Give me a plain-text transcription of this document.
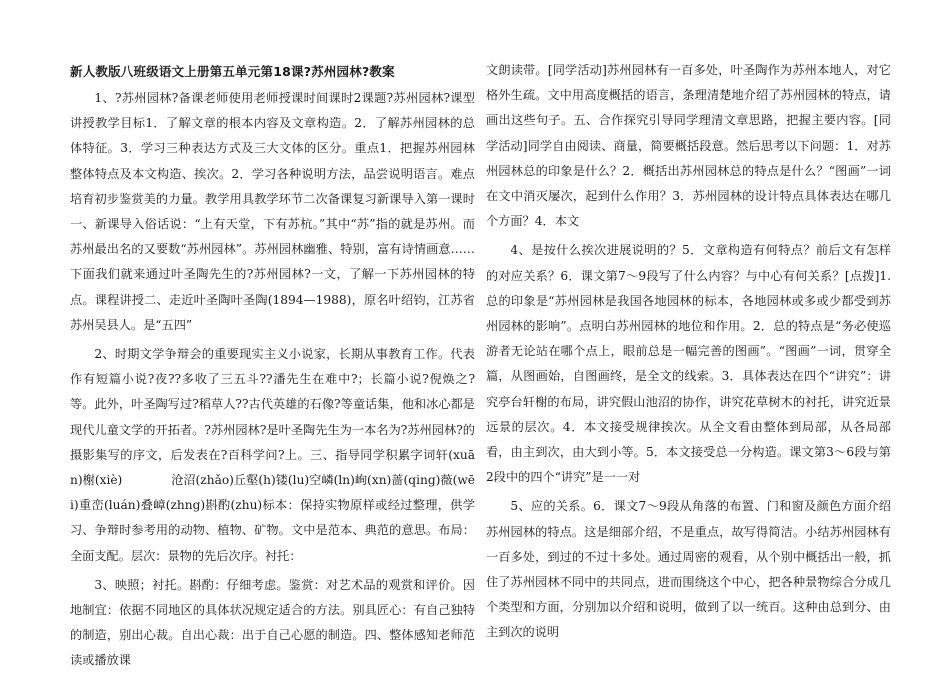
新人教版八班级语文上册第五单元第18课?苏州园林?教案

1、?苏州园林?备课老师使用老师授课时间课时2课题?苏州园林?课型讲授教学目标1．了解文章的根本内容及文章构造。2．了解苏州园林的总体特征。3．学习三种表达方式及三大文体的区分。重点1．把握苏州园林整体特点及本文构造、挨次。2．学习各种说明方法，品尝说明语言。难点培育初步鉴赏美的力量。教学用具教学环节二次备课复习新课导入第一课时一、新课导入俗话说：“上有天堂，下有苏杭。”其中“苏”指的就是苏州。而苏州最出名的又要数“苏州园林”。苏州园林幽雅、特别，富有诗情画意……下面我们就来通过叶圣陶先生的?苏州园林?一文，了解一下苏州园林的特点。课程讲授二、走近叶圣陶叶圣陶(1894—1988)，原名叶绍钧，江苏省苏州吴县人。是“五四”

2、时期文学争辩会的重要现实主义小说家，长期从事教育工作。代表作有短篇小说?夜??多收了三五斗??潘先生在难中?；长篇小说?倪焕之?等。此外，叶圣陶写过?稻草人??古代英雄的石像?等童话集，他和冰心都是现代儿童文学的开拓者。?苏州园林?是叶圣陶先生为一本名为?苏州园林?的摄影集写的序文，后发表在?百科学问?上。三、指导同学积累字词轩(xuān)榭(xiè)　　　　沧沼(zhǎo)丘壑(h)镂(lu)空嶙(ln)峋(xn)蔷(qing)薇(wēi)重峦(luán)叠嶂(zhng)斟酌(zhu)标本：保持实物原样或经过整理，供学习、争辩时参考用的动物、植物、矿物。文中是范本、典范的意思。布局：全面支配。层次：景物的先后次序。衬托：

3、映照；衬托。斟酌：仔细考虑。鉴赏：对艺术品的观赏和评价。因地制宜：依据不同地区的具体状况规定适合的方法。别具匠心：有自己独特的制造，别出心裁。自出心裁：出于自己心愿的制造。四、整体感知老师范读或播放课

文朗读带。[同学活动]苏州园林有一百多处，叶圣陶作为苏州本地人，对它格外生疏。文中用高度概括的语言，条理清楚地介绍了苏州园林的特点，请画出这些句子。五、合作探究引导同学理清文章思路，把握主要内容。[同学活动]同学自由阅读、商量，简要概括段意。然后思考以下问题：1．对苏州园林总的印象是什么？2．概括出苏州园林总的特点是什么？“图画”一词在文中消灭屡次，起到什么作用？3．苏州园林的设计特点具体表达在哪几个方面？4．本文

4、是按什么挨次进展说明的？5．文章构造有何特点？前后文有怎样的对应关系？6．课文第7～9段写了什么内容？与中心有何关系？[点拨]1.总的印象是“苏州园林是我国各地园林的标本，各地园林或多或少都受到苏州园林的影响”。点明白苏州园林的地位和作用。2．总的特点是“务必使巡游者无论站在哪个点上，眼前总是一幅完善的图画”。“图画”一词，贯穿全篇，从图画始，自图画终，是全文的线索。3．具体表达在四个“讲究”：讲究亭台轩榭的布局，讲究假山池沼的协作，讲究花草树木的衬托，讲究近景远景的层次。4．本文接受规律挨次。从全文看由整体到局部，从各局部看，由主到次，由大到小等。5．本文接受总一分构造。课文第3～6段与第2段中的四个“讲究”是一一对

5、应的关系。6．课文7～9段从角落的布置、门和窗及颜色方面介绍苏州园林的特点。这是细部介绍，不是重点，故写得简洁。小结苏州园林有一百多处，到过的不过十多处。通过周密的观看，从个别中概括出一般，抓住了苏州园林不同中的共同点，进而围绕这个中心，把各种景物综合分成几个类型和方面，分别加以介绍和说明，做到了以一统百。这种由总到分、由主到次的说明
